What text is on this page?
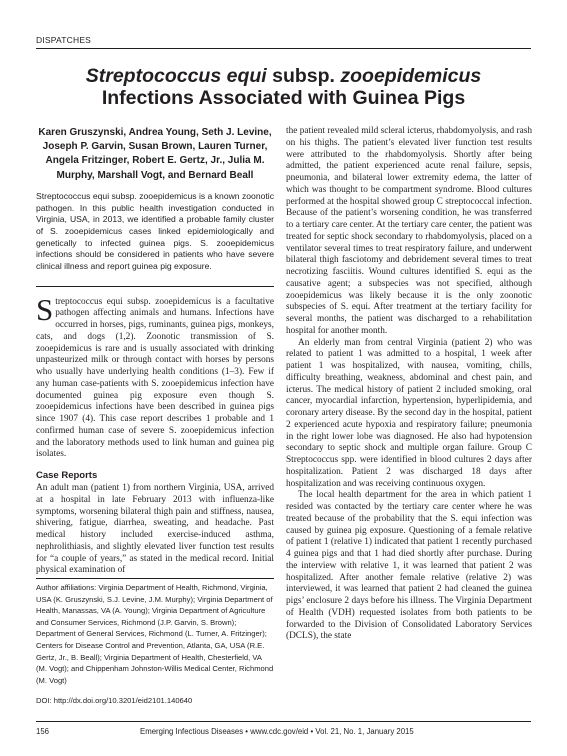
DISPATCHES
Streptococcus equi subsp. zooepidemicus
Infections Associated with Guinea Pigs
Karen Gruszynski, Andrea Young, Seth J. Levine, Joseph P. Garvin, Susan Brown, Lauren Turner, Angela Fritzinger, Robert E. Gertz, Jr., Julia M. Murphy, Marshall Vogt, and Bernard Beall

Streptococcus equi subsp. zooepidemicus is a known zoonotic pathogen. In this public health investigation conducted in Virginia, USA, in 2013, we identified a probable family cluster of S. zooepidemicus cases linked epidemiologically and genetically to infected guinea pigs. S. zooepidemicus infections should be considered in patients who have severe clinical illness and report guinea pig exposure.

Streptococcus equi subsp. zooepidemicus is a facultative pathogen affecting animals and humans. Infections have occurred in horses, pigs, ruminants, guinea pigs, monkeys, cats, and dogs (1,2). Zoonotic transmission of S. zooepidemicus is rare and is usually associated with drinking unpasteurized milk or through contact with horses by persons who usually have underlying health conditions (1–3). Few if any human case-patients with S. zooepidemicus infection have documented guinea pig exposure even though S. zooepidemicus infections have been described in guinea pigs since 1907 (4). This case report describes 1 probable and 1 confirmed human case of severe S. zooepidemicus infection and the laboratory methods used to link human and guinea pig isolates.

Case Reports

An adult man (patient 1) from northern Virginia, USA, arrived at a hospital in late February 2013 with influenza-like symptoms, worsening bilateral thigh pain and stiffness, nausea, shivering, fatigue, diarrhea, sweating, and headache. Past medical history included exercise-induced asthma, nephrolithiasis, and slightly elevated liver function test results for “a couple of years,” as stated in the medical record. Initial physical examination of

Author affiliations: Virginia Department of Health, Richmond, Virginia, USA (K. Gruszynski, S.J. Levine, J.M. Murphy); Virginia Department of Health, Manassas, VA (A. Young); Virginia Department of Agriculture and Consumer Services, Richmond (J.P. Garvin, S. Brown); Department of General Services, Richmond (L. Turner, A. Fritzinger); Centers for Disease Control and Prevention, Atlanta, GA, USA (R.E. Gertz, Jr., B. Beall); Virginia Department of Health, Chesterfield, VA (M. Vogt); and Chippenham Johnston-Willis Medical Center, Richmond (M. Vogt)

DOI: http://dx.doi.org/10.3201/eid2101.140640

the patient revealed mild scleral icterus, rhabdomyolysis, and rash on his thighs. The patient’s elevated liver function test results were attributed to the rhabdomyolysis. Shortly after being admitted, the patient experienced acute renal failure, sepsis, pneumonia, and bilateral lower extremity edema, the latter of which was thought to be compartment syndrome. Blood cultures performed at the hospital showed group C streptococcal infection. Because of the patient’s worsening condition, he was transferred to a tertiary care center. At the tertiary care center, the patient was treated for septic shock secondary to rhabdomyolysis, placed on a ventilator several times to treat respiratory failure, and underwent bilateral thigh fasciotomy and debridement several times to treat necrotizing fasciitis. Wound cultures identified S. equi as the causative agent; a subspecies was not specified, although zooepidemicus was likely because it is the only zoonotic subspecies of S. equi. After treatment at the tertiary facility for several months, the patient was discharged to a rehabilitation hospital for another month.

An elderly man from central Virginia (patient 2) who was related to patient 1 was admitted to a hospital, 1 week after patient 1 was hospitalized, with nausea, vomiting, chills, difficulty breathing, weakness, abdominal and chest pain, and icterus. The medical history of patient 2 included smoking, oral cancer, myocardial infarction, hypertension, hyperlipidemia, and coronary artery disease. By the second day in the hospital, patient 2 experienced acute hypoxia and respiratory failure; pneumonia in the right lower lobe was diagnosed. He also had hypotension secondary to septic shock and multiple organ failure. Group C Streptococcus spp. were identified in blood cultures 2 days after hospitalization. Patient 2 was discharged 18 days after hospitalization and was receiving continuous oxygen.

The local health department for the area in which patient 1 resided was contacted by the tertiary care center where he was treated because of the probability that the S. equi infection was caused by guinea pig exposure. Questioning of a female relative of patient 1 (relative 1) indicated that patient 1 recently purchased 4 guinea pigs and that 1 had died shortly after purchase. During the interview with relative 1, it was learned that patient 2 was hospitalized. After another female relative (relative 2) was interviewed, it was learned that patient 2 had cleaned the guinea pigs’ enclosure 2 days before his illness. The Virginia Department of Health (VDH) requested isolates from both patients to be forwarded to the Division of Consolidated Laboratory Services (DCLS), the state

156	Emerging Infectious Diseases • www.cdc.gov/eid • Vol. 21, No. 1, January 2015
